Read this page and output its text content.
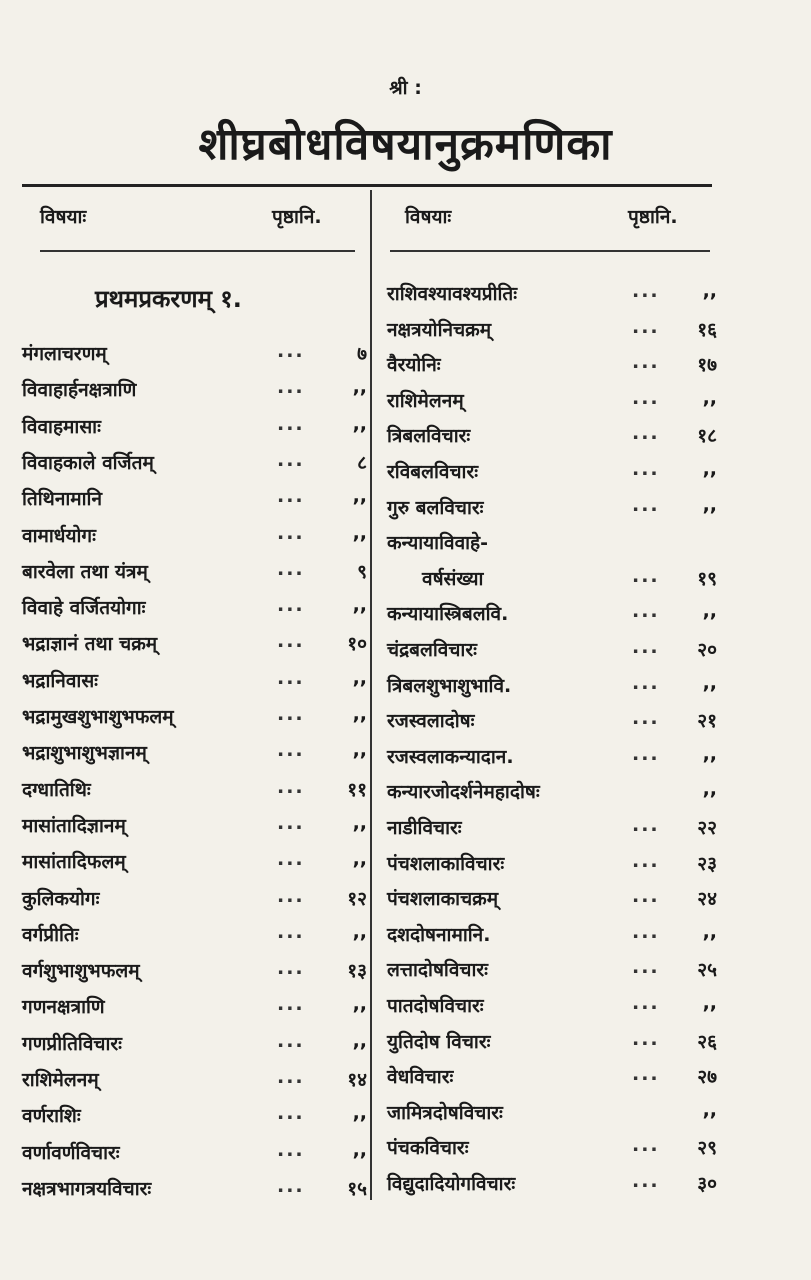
श्री :
शीघ्रबोधविषयानुक्रमणिका
विषयाः	पृष्ठानि.	विषयाः	पृष्ठानि.
प्रथमप्रकरणम् १.
मंगलाचरणम्	...	७
विवाहार्हनक्षत्राणि	...	,,
विवाहमासाः	...	,,
विवाहकाले वर्जितम्	...	८
तिथिनामानि	...	,,
वामार्धयोगः	...	,,
बारवेला तथा यंत्रम्	...	९
विवाहे वर्जितयोगाः	...	,,
भद्राज्ञानं तथा चक्रम्	...	१०
भद्रानिवासः	...	,,
भद्रामुखशुभाशुभफलम्	...	,,
भद्राशुभाशुभज्ञानम्	...	,,
दग्धातिथिः	...	११
मासांतादिज्ञानम्	...	,,
मासांतादिफलम्	...	,,
कुलिकयोगः	...	१२
वर्गप्रीतिः	...	,,
वर्गशुभाशुभफलम्	...	१३
गणनक्षत्राणि	...	,,
गणप्रीतिविचारः	...	,,
राशिमेलनम्	...	१४
वर्णराशिः	...	,,
वर्णावर्णविचारः	...	,,
नक्षत्रभागत्रयविचारः	...	१५
राशिवश्यावश्यप्रीतिः	...	,,
नक्षत्रयोनिचक्रम्	...	१६
वैरयोनिः	...	१७
राशिमेलनम्	...	,,
त्रिबलविचारः	...	१८
रविबलविचारः	...	,,
गुरु बलविचारः	...	,,
कन्यायाविवाहे-
वर्षसंख्या	...	१९
कन्यायास्त्रिबलवि.	...	,,
चंद्रबलविचारः	...	२०
त्रिबलशुभाशुभावि.	...	,,
रजस्वलादोषः	...	२१
रजस्वलाकन्यादान.	...	,,
कन्यारजोदर्शनेमहादोषः	,,
नाडीविचारः	...	२२
पंचशलाकाविचारः	...	२३
पंचशलाकाचक्रम्	...	२४
दशदोषनामानि.	...	,,
लत्तादोषविचारः	...	२५
पातदोषविचारः	...	,,
युतिदोष विचारः	...	२६
वेधविचारः	...	२७
जामित्रदोषविचारः	,,
पंचकविचारः	...	२९
विद्युदादियोगविचारः	...	३०
